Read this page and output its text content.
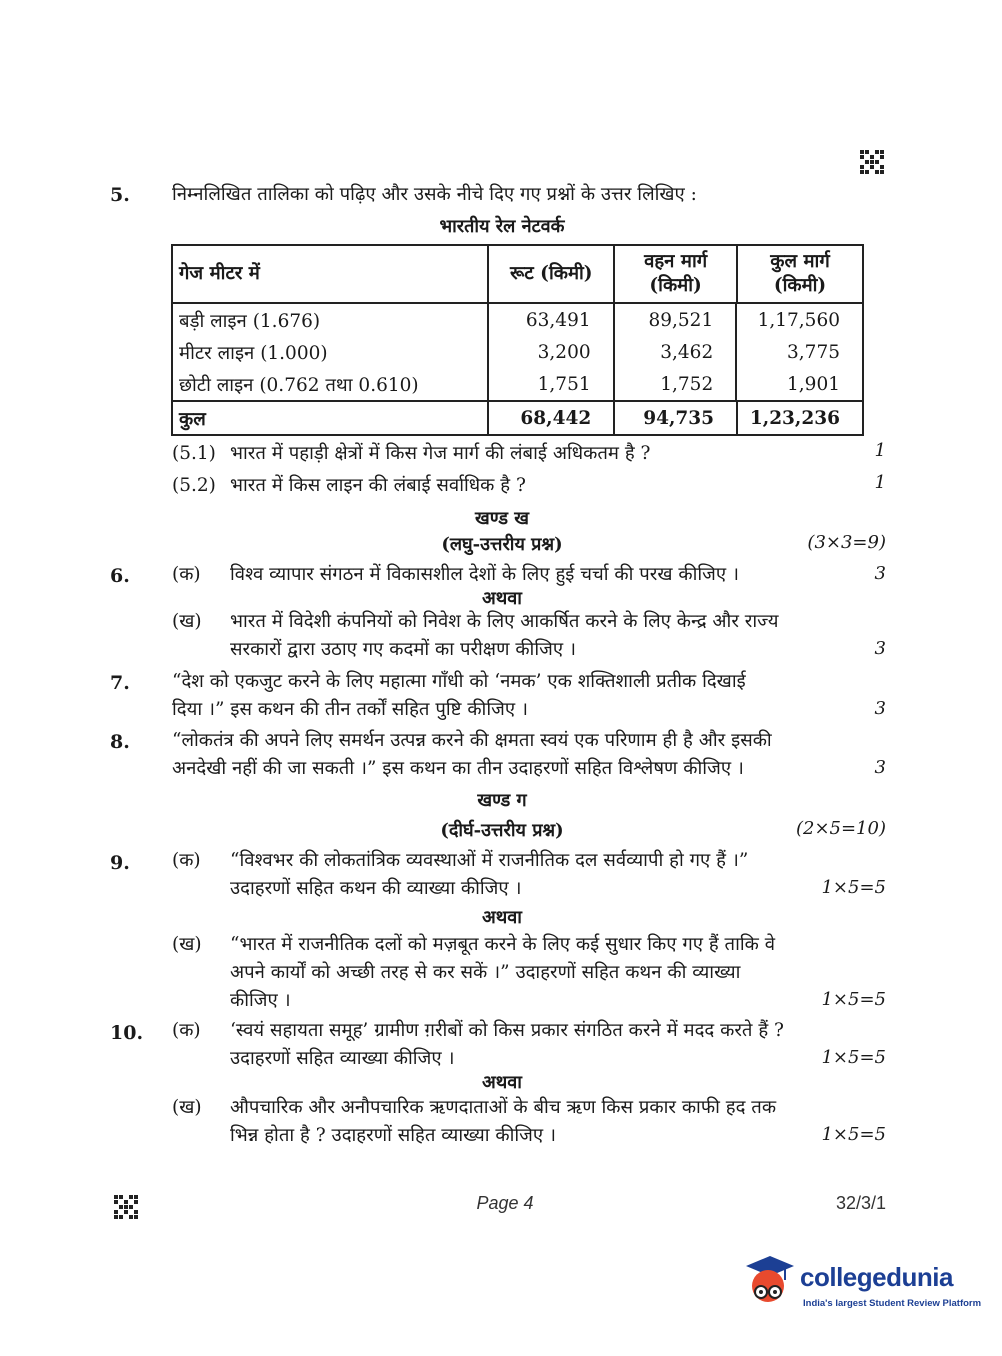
5. निम्नलिखित तालिका को पढ़िए और उसके नीचे दिए गए प्रश्नों के उत्तर लिखिए :
भारतीय रेल नेटवर्क
गेज मीटर में	रूट (किमी)	वहन मार्ग (किमी)	कुल मार्ग (किमी)

बड़ी लाइन (1.676)	63,491	89,521	1,17,560
मीटर लाइन (1.000)	3,200	3,462	3,775
छोटी लाइन (0.762 तथा 0.610)	1,751	1,752	1,901

कुल	68,442	94,735	1,23,236
(5.1) भारत में पहाड़ी क्षेत्रों में किस गेज मार्ग की लंबाई अधिकतम है ?	1
(5.2) भारत में किस लाइन की लंबाई सर्वाधिक है ?	1
खण्ड ख
(लघु-उत्तरीय प्रश्न)	(3×3=9)
6. (क) विश्व व्यापार संगठन में विकासशील देशों के लिए हुई चर्चा की परख कीजिए ।	3
अथवा
(ख) भारत में विदेशी कंपनियों को निवेश के लिए आकर्षित करने के लिए केन्द्र और राज्य
सरकारों द्वारा उठाए गए कदमों का परीक्षण कीजिए ।	3
7. “देश को एकजुट करने के लिए महात्मा गाँधी को ‘नमक’ एक शक्तिशाली प्रतीक दिखाई
दिया ।” इस कथन की तीन तर्कों सहित पुष्टि कीजिए ।	3
8. “लोकतंत्र की अपने लिए समर्थन उत्पन्न करने की क्षमता स्वयं एक परिणाम ही है और इसकी
अनदेखी नहीं की जा सकती ।” इस कथन का तीन उदाहरणों सहित विश्लेषण कीजिए ।	3
खण्ड ग
(दीर्घ-उत्तरीय प्रश्न)	(2×5=10)
9. (क) “विश्वभर की लोकतांत्रिक व्यवस्थाओं में राजनीतिक दल सर्वव्यापी हो गए हैं ।”
उदाहरणों सहित कथन की व्याख्या कीजिए ।	1×5=5
अथवा
(ख) “भारत में राजनीतिक दलों को मज़बूत करने के लिए कई सुधार किए गए हैं ताकि वे
अपने कार्यों को अच्छी तरह से कर सकें ।” उदाहरणों सहित कथन की व्याख्या
कीजिए ।	1×5=5
10. (क) ‘स्वयं सहायता समूह’ ग्रामीण ग़रीबों को किस प्रकार संगठित करने में मदद करते हैं ?
उदाहरणों सहित व्याख्या कीजिए ।	1×5=5
अथवा
(ख) औपचारिक और अनौपचारिक ऋणदाताओं के बीच ऋण किस प्रकार काफी हद तक
भिन्न होता है ? उदाहरणों सहित व्याख्या कीजिए ।	1×5=5
Page 4	32/3/1
collegedunia
India's largest Student Review Platform
